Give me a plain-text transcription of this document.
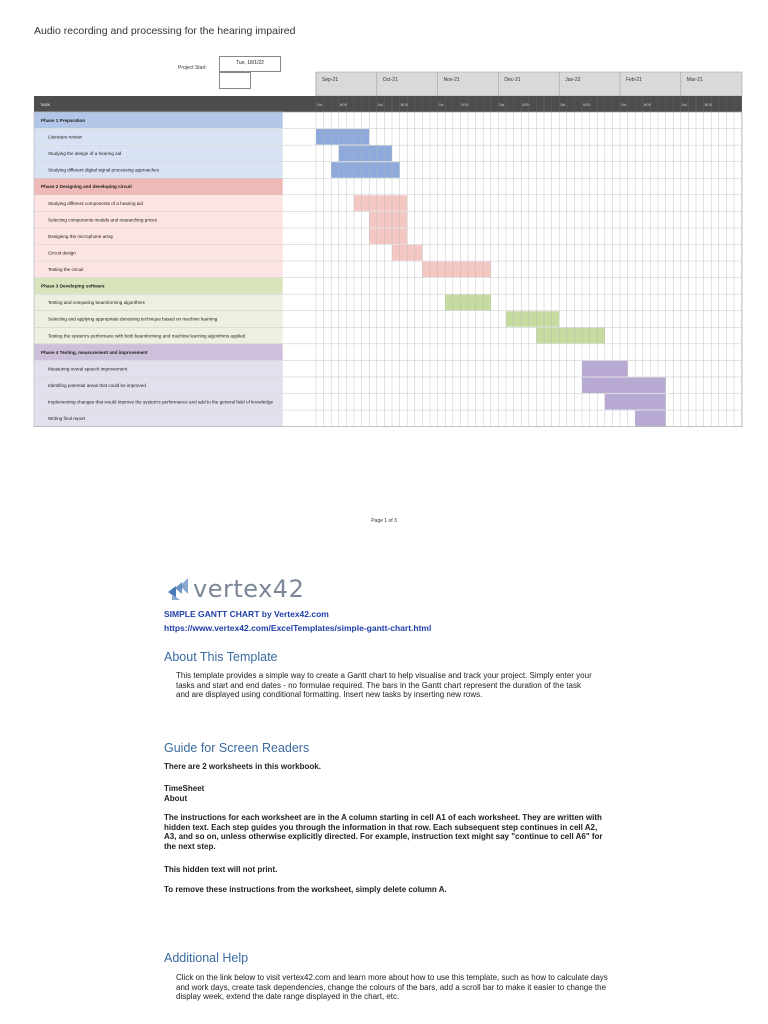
Audio recording and processing for the hearing impaired
Project Start:
Tue, 18/1/22
Sep-21	Oct-21	Nov-21	Dec-21	Jan-22	Feb-21	Mar-21
TASK	Sat	MON	Sat	MON	Sat	MON	Sat	MON	Sat	MON	Sat	MON	Sat	MON
Phase 1 Preparation
Literature review
Studying the design of a hearing aid
Studying different digital signal processing approaches
Phase 2 Designing and developing circuit
Studying different components of a hearing aid
Selecting components models and researching prices
Designing the microphone array
Circuit design
Testing the circuit
Phase 3 Developing software
Testing and comparing beamforming algorithms
Selecting and applying appropriate denoising technique based on machine learning
Testing the system's performace with both beamforming and machine learning algorithms applied
Phase 4 Testing, measurement and improvement
Measuring overal speech improvement
Identifing potential areas that could be improved
Implementing changes that would improve the system's performance and add to the general field of knowledge
Writing final report
Page 1 of 3
vertex42
SIMPLE GANTT CHART by Vertex42.com
https://www.vertex42.com/ExcelTemplates/simple-gantt-chart.html
About This Template
This template provides a simple way to create a Gantt chart to help visualise and track your project. Simply enter your tasks and start and end dates - no formulae required. The bars in the Gantt chart represent the duration of the task and are displayed using conditional formatting. Insert new tasks by inserting new rows.
Guide for Screen Readers
There are 2 worksheets in this workbook.
TimeSheet
About
The instructions for each worksheet are in the A column starting in cell A1 of each worksheet. They are written with hidden text. Each step guides you through the information in that row. Each subsequent step continues in cell A2, A3, and so on, unless otherwise explicitly directed. For example, instruction text might say "continue to cell A6" for the next step.
This hidden text will not print.
To remove these instructions from the worksheet, simply delete column A.
Additional Help
Click on the link below to visit vertex42.com and learn more about how to use this template, such as how to calculate days and work days, create task dependencies, change the colours of the bars, add a scroll bar to make it easier to change the display week, extend the date range displayed in the chart, etc.
